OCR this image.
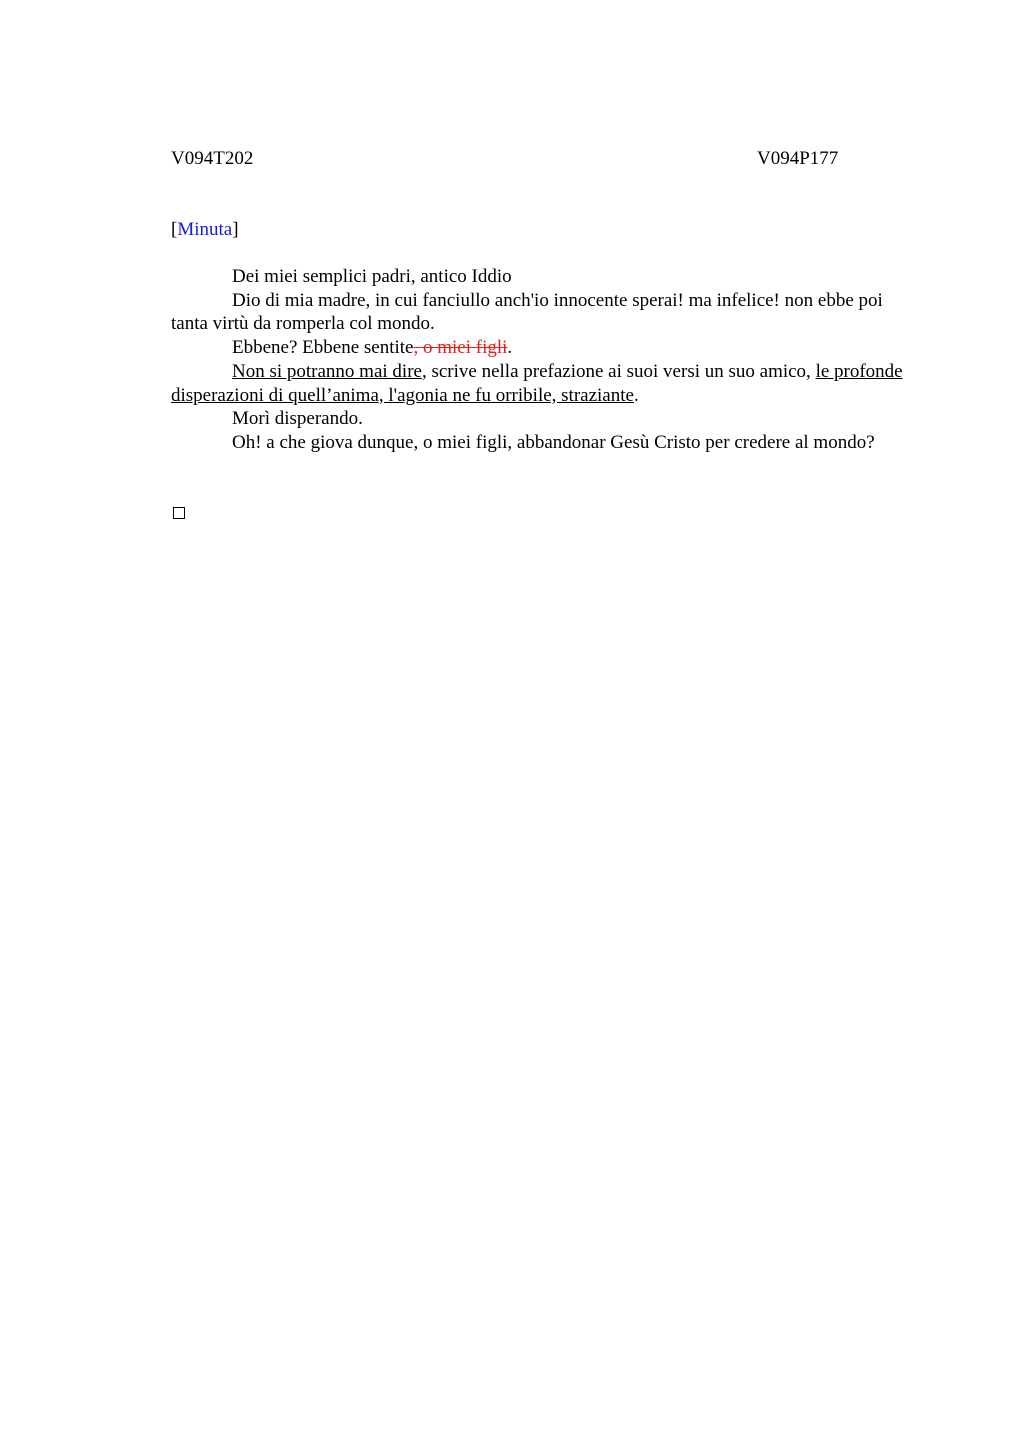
V094T202	V094P177
[Minuta]

Dei miei semplici padri, antico Iddio

Dio di mia madre, in cui fanciullo anch'io innocente sperai! ma infelice! non ebbe poi tanta virtù da romperla col mondo.

Ebbene? Ebbene sentite, o miei figli.

Non si potranno mai dire, scrive nella prefazione ai suoi versi un suo amico, le profonde disperazioni di quell’anima, l'agonia ne fu orribile, straziante.

Morì disperando.

Oh! a che giova dunque, o miei figli, abbandonar Gesù Cristo per credere al mondo?
